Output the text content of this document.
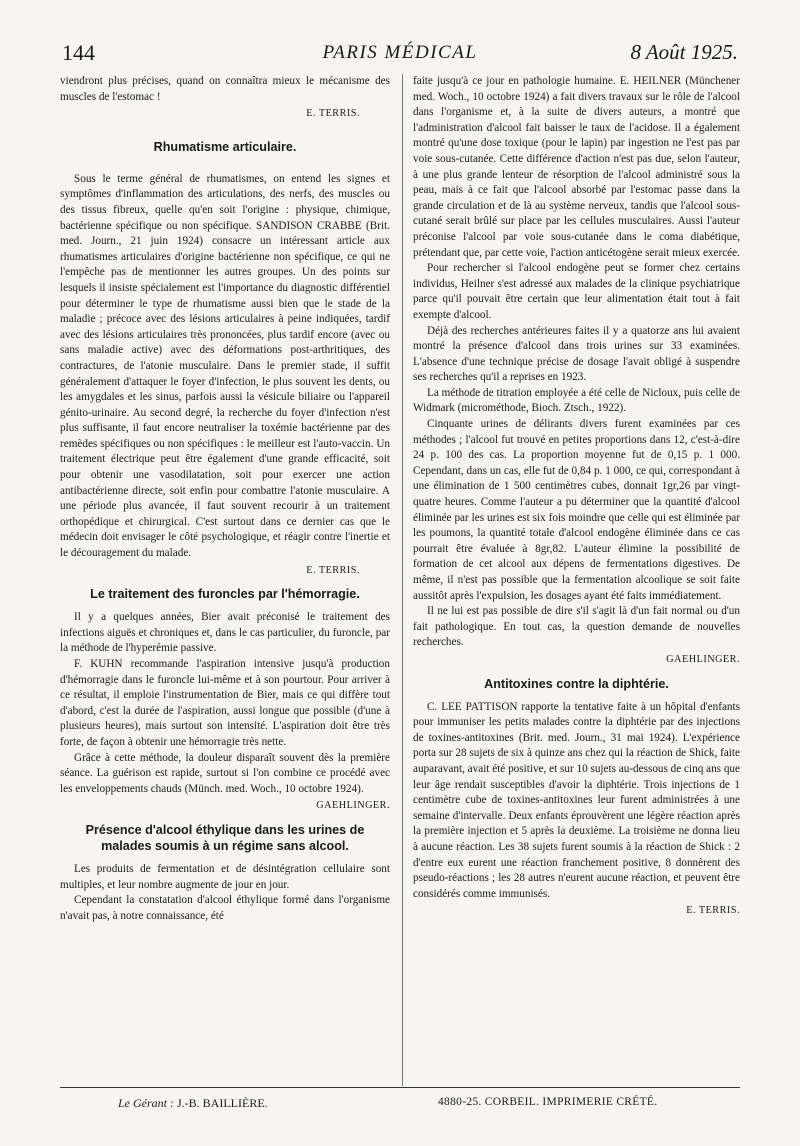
144	PARIS MÉDICAL	8 Août 1925.

viendront plus précises, quand on connaîtra mieux le mécanisme des muscles de l'estomac !

E. TERRIS.
Rhumatisme articulaire.

Sous le terme général de rhumatismes, on entend les signes et symptômes d'inflammation des articulations, des nerfs, des muscles ou des tissus fibreux, quelle qu'en soit l'origine : physique, chimique, bactérienne spécifique ou non spécifique. SANDISON CRABBE (Brit. med. Journ., 21 juin 1924) consacre un intéressant article aux rhumatismes articulaires d'origine bactérienne non spécifique, ce qui ne l'empêche pas de mentionner les autres groupes. Un des points sur lesquels il insiste spécialement est l'importance du diagnostic différentiel pour déterminer le type de rhumatisme aussi bien que le stade de la maladie ; précoce avec des lésions articulaires à peine indiquées, tardif avec des lésions articulaires très prononcées, plus tardif encore (avec ou sans maladie active) avec des déformations post-arthritiques, des contractures, de l'atonie musculaire. Dans le premier stade, il suffit généralement d'attaquer le foyer d'infection, le plus souvent les dents, ou les amygdales et les sinus, parfois aussi la vésicule biliaire ou l'appareil génito-urinaire. Au second degré, la recherche du foyer d'infection n'est plus suffisante, il faut encore neutraliser la toxémie bactérienne par des remèdes spécifiques ou non spécifiques : le meilleur est l'auto-vaccin. Un traitement électrique peut être également d'une grande efficacité, soit pour obtenir une vasodilatation, soit pour exercer une action antibactérienne directe, soit enfin pour combattre l'atonie musculaire. A une période plus avancée, il faut souvent recourir à un traitement orthopédique et chirurgical. C'est surtout dans ce dernier cas que le médecin doit envisager le côté psychologique, et réagir contre l'inertie et le découragement du malade.

E. TERRIS.
Le traitement des furoncles par l'hémorragie.

Il y a quelques années, Bier avait préconisé le traitement des infections aiguës et chroniques et, dans le cas particulier, du furoncle, par la méthode de l'hyperémie passive.

F. KUHN recommande l'aspiration intensive jusqu'à production d'hémorragie dans le furoncle lui-même et à son pourtour. Pour arriver à ce résultat, il emploie l'instrumentation de Bier, mais ce qui diffère tout d'abord, c'est la durée de l'aspiration, aussi longue que possible (d'une à plusieurs heures), mais surtout son intensité. L'aspiration doit être très forte, de façon à obtenir une hémorragie très nette.

Grâce à cette méthode, la douleur disparaît souvent dès la première séance. La guérison est rapide, surtout si l'on combine ce procédé avec les enveloppements chauds (Münch. med. Woch., 10 octobre 1924).

GAEHLINGER.
Présence d'alcool éthylique dans les urines de malades soumis à un régime sans alcool.

Les produits de fermentation et de désintégration cellulaire sont multiples, et leur nombre augmente de jour en jour.

Cependant la constatation d'alcool éthylique formé dans l'organisme n'avait pas, à notre connaissance, été

faite jusqu'à ce jour en pathologie humaine. E. HEILNER (Münchener med. Woch., 10 octobre 1924) a fait divers travaux sur le rôle de l'alcool dans l'organisme et, à la suite de divers auteurs, a montré que l'administration d'alcool fait baisser le taux de l'acidose. Il a également montré qu'une dose toxique (pour le lapin) par ingestion ne l'est pas par voie sous-cutanée. Cette différence d'action n'est pas due, selon l'auteur, à une plus grande lenteur de résorption de l'alcool administré sous la peau, mais à ce fait que l'alcool absorbé par l'estomac passe dans la grande circulation et de là au système nerveux, tandis que l'alcool sous-cutané serait brûlé sur place par les cellules musculaires. Aussi l'auteur préconise l'alcool par voie sous-cutanée dans le coma diabétique, prétendant que, par cette voie, l'action anticétogène serait mieux exercée.

Pour rechercher si l'alcool endogène peut se former chez certains individus, Heilner s'est adressé aux malades de la clinique psychiatrique parce qu'il pouvait être certain que leur alimentation était tout à fait exempte d'alcool.

Déjà des recherches antérieures faites il y a quatorze ans lui avaient montré la présence d'alcool dans trois urines sur 33 examinées. L'absence d'une technique précise de dosage l'avait obligé à suspendre ses recherches qu'il a reprises en 1923.

La méthode de titration employée a été celle de Nicloux, puis celle de Widmark (microméthode, Bioch. Ztsch., 1922).

Cinquante urines de délirants divers furent examinées par ces méthodes ; l'alcool fut trouvé en petites proportions dans 12, c'est-à-dire 24 p. 100 des cas. La proportion moyenne fut de 0,15 p. 1 000. Cependant, dans un cas, elle fut de 0,84 p. 1 000, ce qui, correspondant à une élimination de 1 500 centimètres cubes, donnait 1gr,26 par vingt-quatre heures. Comme l'auteur a pu déterminer que la quantité d'alcool éliminée par les urines est six fois moindre que celle qui est éliminée par les poumons, la quantité totale d'alcool endogène éliminée dans ce cas pourrait être évaluée à 8gr,82. L'auteur élimine la possibilité de formation de cet alcool aux dépens de fermentations digestives. De même, il n'est pas possible que la fermentation alcoolique se soit faite aussitôt après l'expulsion, les dosages ayant été faits immédiatement.

Il ne lui est pas possible de dire s'il s'agit là d'un fait normal ou d'un fait pathologique. En tout cas, la question demande de nouvelles recherches.

GAEHLINGER.
Antitoxines contre la diphtérie.

C. LEE PATTISON rapporte la tentative faite à un hôpital d'enfants pour immuniser les petits malades contre la diphtérie par des injections de toxines-antitoxines (Brit. med. Journ., 31 mai 1924). L'expérience porta sur 28 sujets de six à quinze ans chez qui la réaction de Shick, faite auparavant, avait été positive, et sur 10 sujets au-dessous de cinq ans que leur âge rendait susceptibles d'avoir la diphtérie. Trois injections de 1 centimètre cube de toxines-antitoxines leur furent administrées à une semaine d'intervalle. Deux enfants éprouvèrent une légère réaction après la première injection et 5 après la deuxième. La troisième ne donna lieu à aucune réaction. Les 38 sujets furent soumis à la réaction de Shick : 2 d'entre eux eurent une réaction franchement positive, 8 donnèrent des pseudo-réactions ; les 28 autres n'eurent aucune réaction, et peuvent être considérés comme immunisés.

E. TERRIS.
Le Gérant : J.-B. BAILLIÈRE.	4880-25. CORBEIL. IMPRIMERIE CRÉTÉ.
